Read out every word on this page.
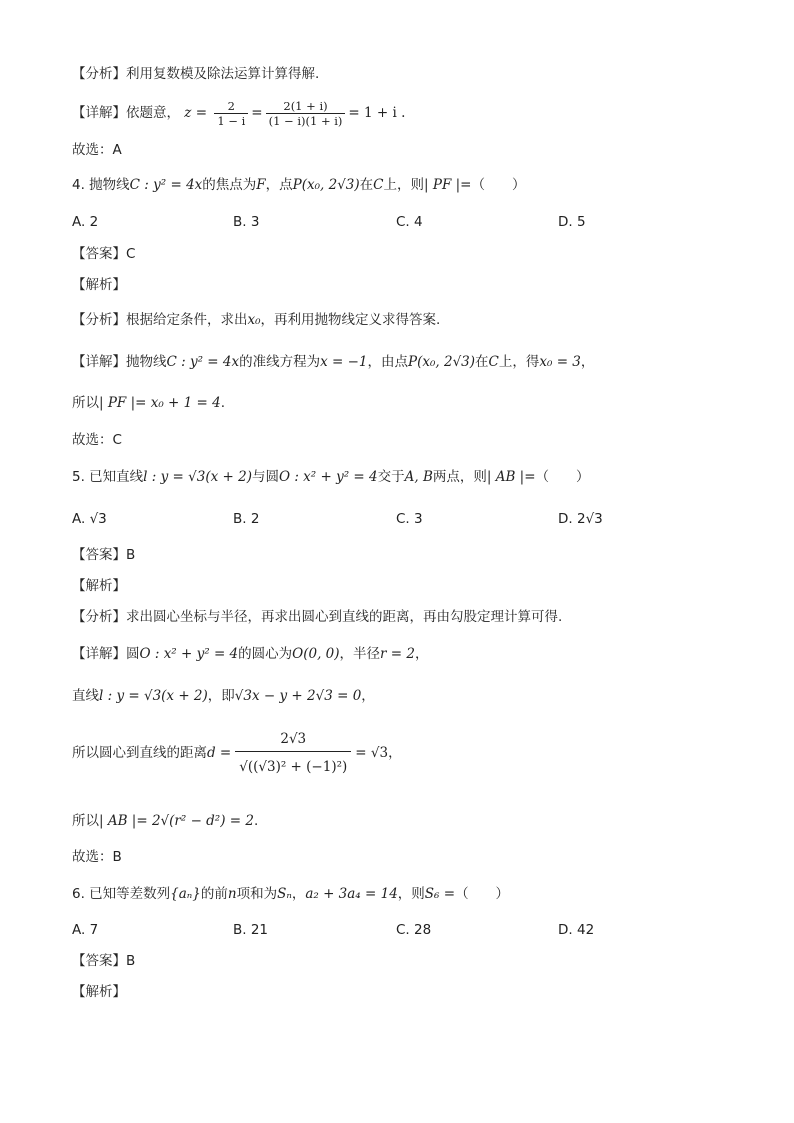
【分析】利用复数模及除法运算计算得解.
【详解】依题意， $z = \frac{2}{1 - i} = \frac{2(1 + i)}{(1 - i)(1 + i)} = 1 + i$ .
故选：A
4. 抛物线C : y² = 4x的焦点为F，点P(x₀, 2√3)在C上，则| PF |=（　　）
A. 2	B. 3	C. 4	D. 5
【答案】C
【解析】
【分析】根据给定条件，求出x₀，再利用抛物线定义求得答案.
【详解】抛物线C : y² = 4x的准线方程为x = −1，由点P(x₀, 2√3)在C上，得x₀ = 3，
所以| PF |= x₀ + 1 = 4.
故选：C
5. 已知直线l : y = √3(x + 2)与圆O : x² + y² = 4交于A, B两点，则| AB |=（　　）
A. √3	B. 2	C. 3	D. 2√3
【答案】B
【解析】
【分析】求出圆心坐标与半径，再求出圆心到直线的距离，再由勾股定理计算可得.
【详解】圆O : x² + y² = 4的圆心为O(0, 0)，半径r = 2，
直线l : y = √3(x + 2)，即√3x − y + 2√3 = 0，
所以圆心到直线的距离$d = \frac{2√3}{\text{√((√3)² + (−1)²)}} = √3$，
所以| AB |= 2√(r² − d²) = 2.
故选：B
6. 已知等差数列{aₙ}的前n项和为Sₙ，a₂ + 3a₄ = 14，则S₆ =（　　）
A. 7	B. 21	C. 28	D. 42
【答案】B
【解析】
